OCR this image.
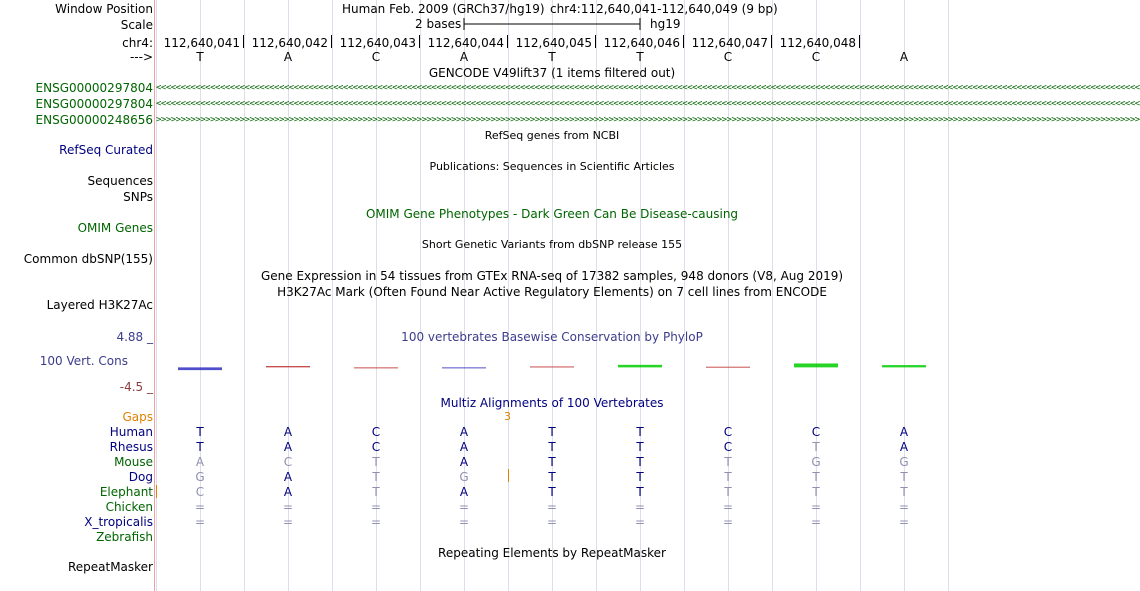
Window Position	Human Feb. 2009 (GRCh37/hg19) chr4:112,640,041-112,640,049 (9 bp)
Scale	2 bases	hg19
chr4: 112,640,041 112,640,042 112,640,043 112,640,044 112,640,045 112,640,046 112,640,047 112,640,048
--->	T	A	C	A	T	T	C	C	A
GENCODE V49lift37 (1 items filtered out)
ENSG00000297804 <<<<<<<<<<<<<<<<<<<<<<<<<<<<<<<<<<<<<<<<<<<<<<<<<<<<<<<<<<<<<<<<<<<<<<<<<<<<<<<<<<<<<<<<<<<<<<<<<<<<<<<<<<<<<<<<<<<<<<<<<<<<<<<<<<<<<<<<<<<<<<<<<<<<<<<<<<<<<<<<<<<<<<<<<<<<<<<<<<<<<<<<<<<<<<<<<<<<<<<<
ENSG00000297804 <<<<<<<<<<<<<<<<<<<<<<<<<<<<<<<<<<<<<<<<<<<<<<<<<<<<<<<<<<<<<<<<<<<<<<<<<<<<<<<<<<<<<<<<<<<<<<<<<<<<<<<<<<<<<<<<<<<<<<<<<<<<<<<<<<<<<<<<<<<<<<<<<<<<<<<<<<<<<<<<<<<<<<<<<<<<<<<<<<<<<<<<<<<<<<<<<<<<<<<<
ENSG00000248656 >>>>>>>>>>>>>>>>>>>>>>>>>>>>>>>>>>>>>>>>>>>>>>>>>>>>>>>>>>>>>>>>>>>>>>>>>>>>>>>>>>>>>>>>>>>>>>>>>>>>>>>>>>>>>>>>>>>>>>>>>>>>>>>>>>>>>>>>>>>>>>>>>>>>>>>>>>>>>>>>>>>>>>>>>>>>>>>>>>>>>>>>>>>>>>>>>>>>>>>>
RefSeq genes from NCBI
RefSeq Curated
Publications: Sequences in Scientific Articles
Sequences
SNPs
OMIM Gene Phenotypes - Dark Green Can Be Disease-causing
OMIM Genes
Short Genetic Variants from dbSNP release 155
Common dbSNP(155)
Gene Expression in 54 tissues from GTEx RNA-seq of 17382 samples, 948 donors (V8, Aug 2019)
H3K27Ac Mark (Often Found Near Active Regulatory Elements) on 7 cell lines from ENCODE
Layered H3K27Ac
100 vertebrates Basewise Conservation by PhyloP
4.88 _
100 Vert. Cons
-4.5 _
Multiz Alignments of 100 Vertebrates
Gaps	3
Human	T	A	C	A	T	T	C	C	A
Rhesus	T	A	C	A	T	T	C	T	A
Mouse	A	C	T	A	T	T	T	G	G
Dog	G	A	T	G	T	T	T	T	T
Elephant	C	A	T	A	T	T	T	T	T
Chicken	=	=	=	=	=	=	=	=	=
X_tropicalis	=	=	=	=	=	=	=	=	=
Zebrafish
Repeating Elements by RepeatMasker
RepeatMasker
